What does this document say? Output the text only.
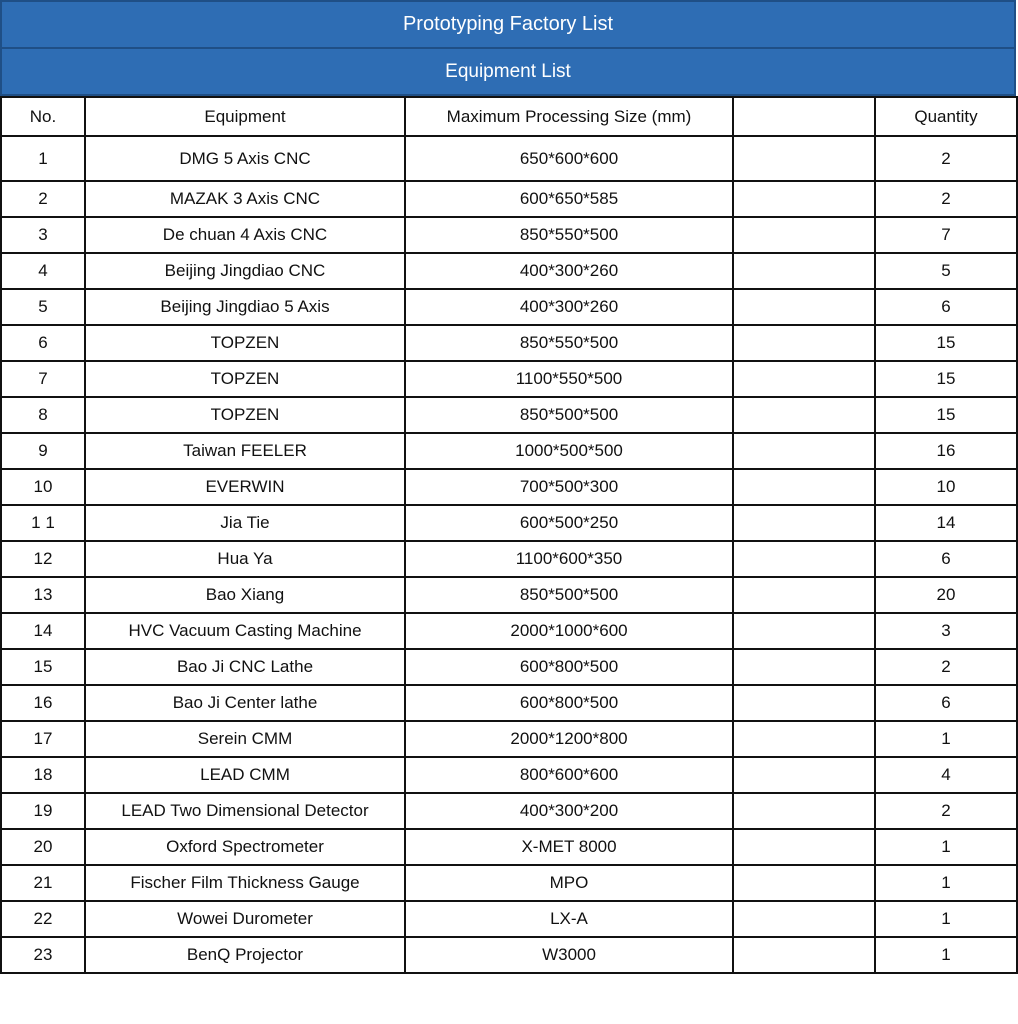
Prototyping Factory List
Equipment List
No.	Equipment	Maximum Processing Size (mm)		Quantity
1	DMG 5 Axis CNC	650*600*600		2
2	MAZAK 3 Axis CNC	600*650*585		2
3	De chuan 4 Axis CNC	850*550*500		7
4	Beijing Jingdiao CNC	400*300*260		5
5	Beijing Jingdiao 5 Axis	400*300*260		6
6	TOPZEN	850*550*500		15
7	TOPZEN	1100*550*500		15
8	TOPZEN	850*500*500		15
9	Taiwan FEELER	1000*500*500		16
10	EVERWIN	700*500*300		10
1 1	Jia Tie	600*500*250		14
12	Hua Ya	1100*600*350		6
13	Bao Xiang	850*500*500		20
14	HVC Vacuum Casting Machine	2000*1000*600		3
15	Bao Ji CNC Lathe	600*800*500		2
16	Bao Ji Center lathe	600*800*500		6
17	Serein CMM	2000*1200*800		1
18	LEAD CMM	800*600*600		4
19	LEAD Two Dimensional Detector	400*300*200		2
20	Oxford Spectrometer	X-MET 8000		1
21	Fischer Film Thickness Gauge	MPO		1
22	Wowei Durometer	LX-A		1
23	BenQ Projector	W3000		1
